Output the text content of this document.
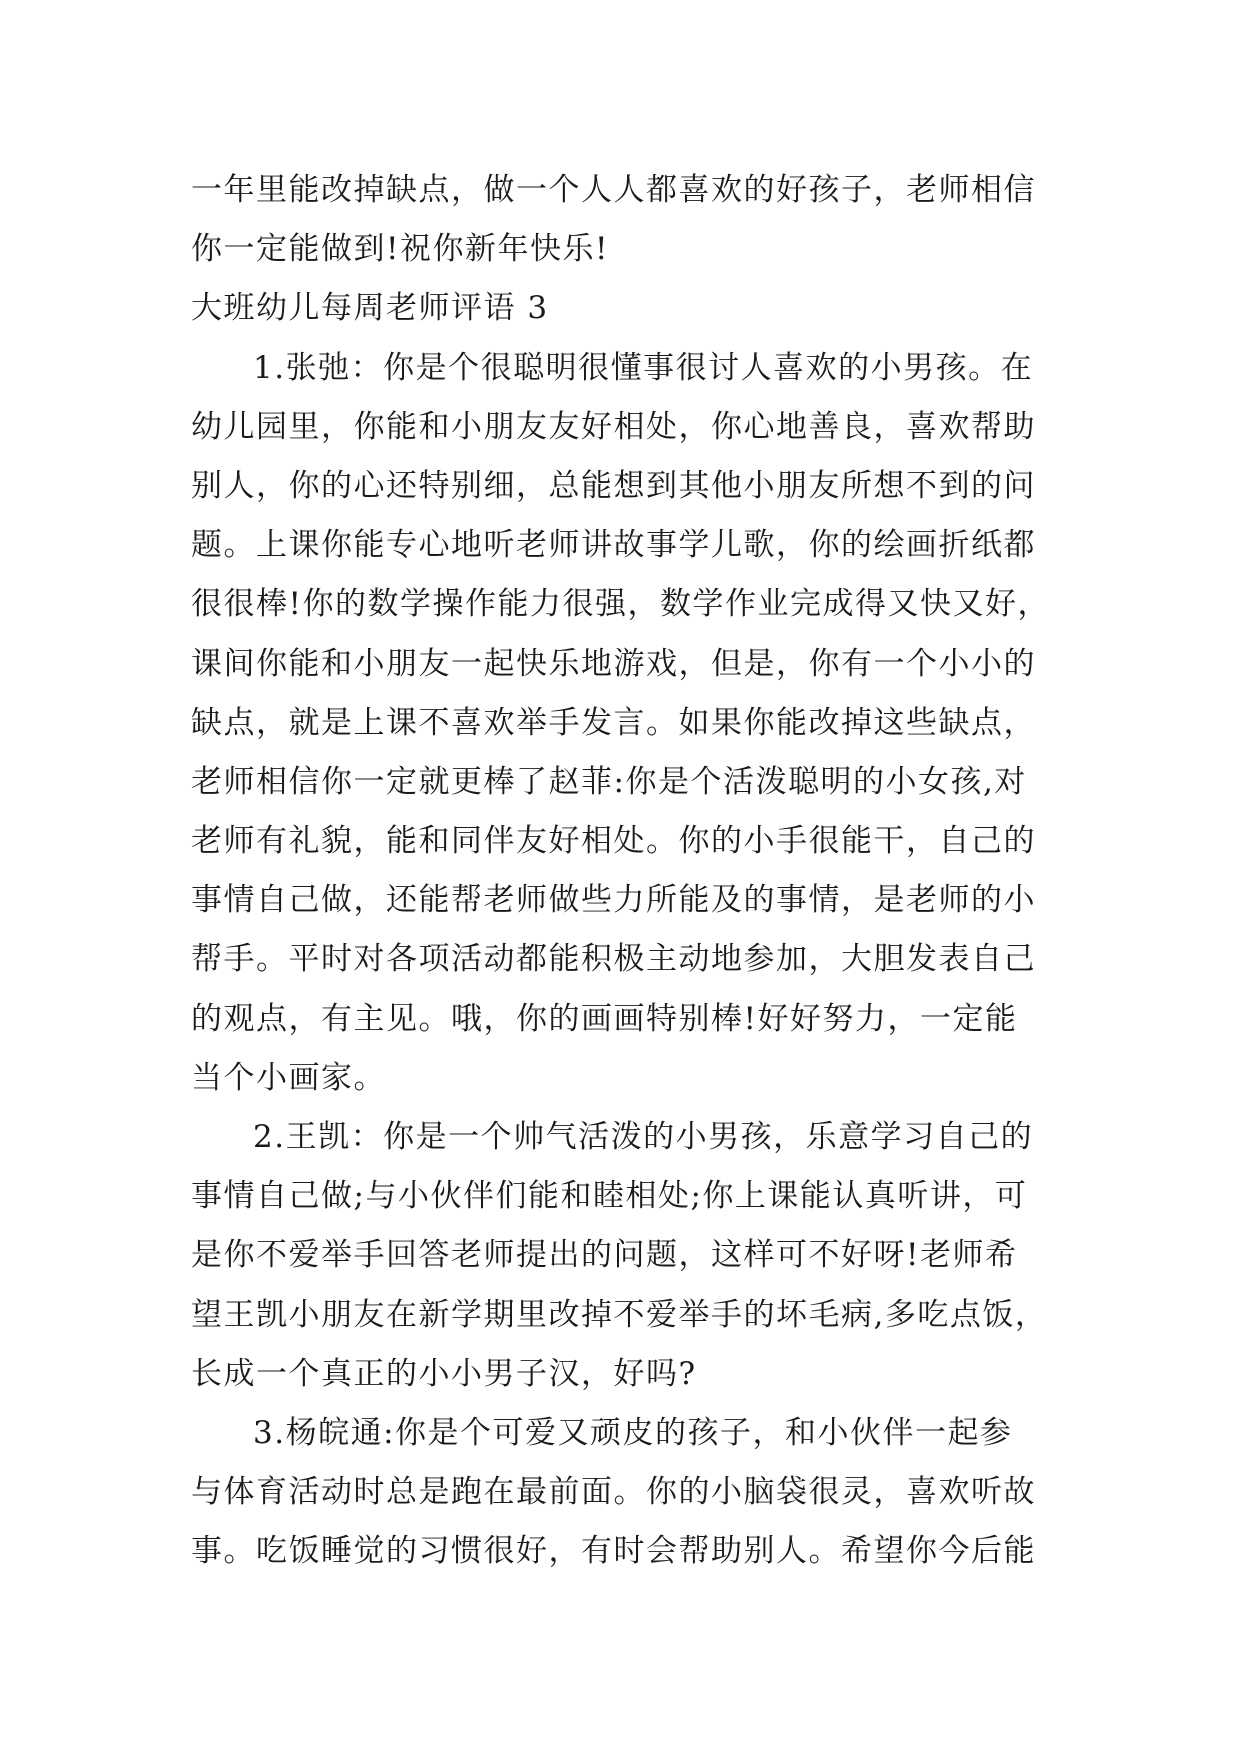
一年里能改掉缺点，做一个人人都喜欢的好孩子，老师相信
你一定能做到!祝你新年快乐!
大班幼儿每周老师评语 3
1.张弛：你是个很聪明很懂事很讨人喜欢的小男孩。在
幼儿园里，你能和小朋友友好相处，你心地善良，喜欢帮助
别人，你的心还特别细，总能想到其他小朋友所想不到的问
题。上课你能专心地听老师讲故事学儿歌，你的绘画折纸都
很很棒!你的数学操作能力很强，数学作业完成得又快又好，
课间你能和小朋友一起快乐地游戏，但是，你有一个小小的
缺点，就是上课不喜欢举手发言。如果你能改掉这些缺点，
老师相信你一定就更棒了赵菲:你是个活泼聪明的小女孩,对
老师有礼貌，能和同伴友好相处。你的小手很能干，自己的
事情自己做，还能帮老师做些力所能及的事情，是老师的小
帮手。平时对各项活动都能积极主动地参加，大胆发表自己
的观点，有主见。哦，你的画画特别棒!好好努力，一定能
当个小画家。
2.王凯：你是一个帅气活泼的小男孩，乐意学习自己的
事情自己做;与小伙伴们能和睦相处;你上课能认真听讲，可
是你不爱举手回答老师提出的问题，这样可不好呀!老师希
望王凯小朋友在新学期里改掉不爱举手的坏毛病,多吃点饭，
长成一个真正的小小男子汉，好吗?
3.杨皖通:你是个可爱又顽皮的孩子，和小伙伴一起参
与体育活动时总是跑在最前面。你的小脑袋很灵，喜欢听故
事。吃饭睡觉的习惯很好，有时会帮助别人。希望你今后能
